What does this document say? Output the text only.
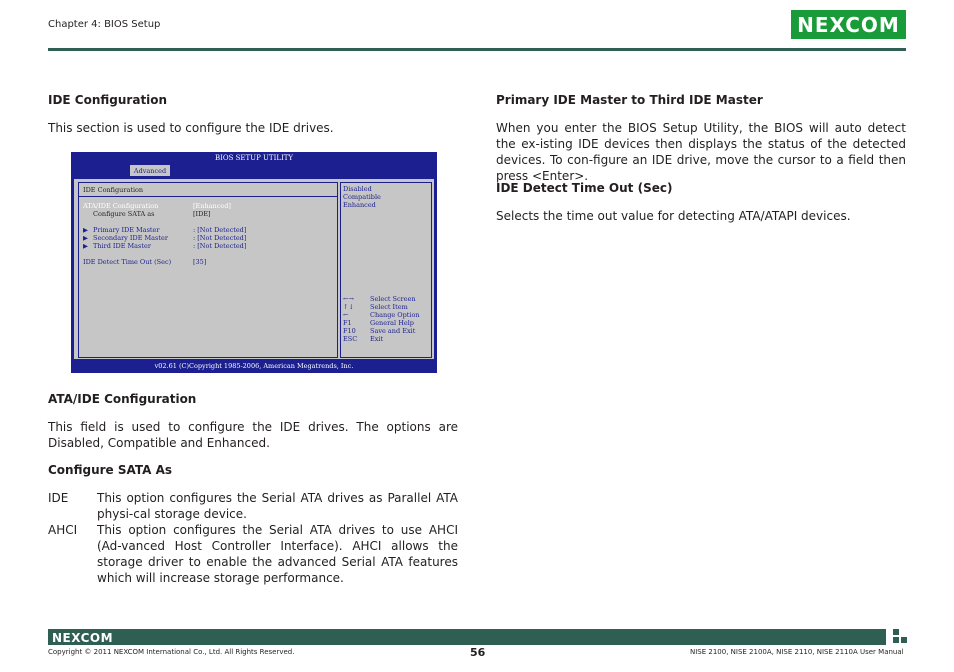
Chapter 4: BIOS Setup	NEXCOM
IDE Configuration
This section is used to configure the IDE drives.
BIOS SETUP UTILITY
Advanced
IDE Configuration
ATA/IDE Configuration	[Enhanced]
Configure SATA as	[IDE]
▶ Primary IDE Master	: [Not Detected]
▶ Secondary IDE Master	: [Not Detected]
▶ Third IDE Master	: [Not Detected]
IDE Detect Time Out (Sec)	[35]
Disabled
Compatible
Enhanced
←→ Select Screen
↑↓ Select Item
←	Change Option
F1	General Help
F10 Save and Exit
ESC Exit
v02.61 (C)Copyright 1985-2006, American Megatrends, Inc.
ATA/IDE Configuration
This field is used to configure the IDE drives. The options are Disabled, Compatible and Enhanced.
Configure SATA As
IDE	This option configures the Serial ATA drives as Parallel ATA physi-cal storage device.
AHCI	This option configures the Serial ATA drives to use AHCI (Ad-vanced Host Controller Interface). AHCI allows the storage driver to enable the advanced Serial ATA features which will increase storage performance.
Primary IDE Master to Third IDE Master
When you enter the BIOS Setup Utility, the BIOS will auto detect the ex-isting IDE devices then displays the status of the detected devices. To con-figure an IDE drive, move the cursor to a field then press <Enter>.
IDE Detect Time Out (Sec)
Selects the time out value for detecting ATA/ATAPI devices.
NEXCOM
Copyright © 2011 NEXCOM International Co., Ltd. All Rights Reserved.	56	NISE 2100, NISE 2100A, NISE 2110, NISE 2110A User Manual
